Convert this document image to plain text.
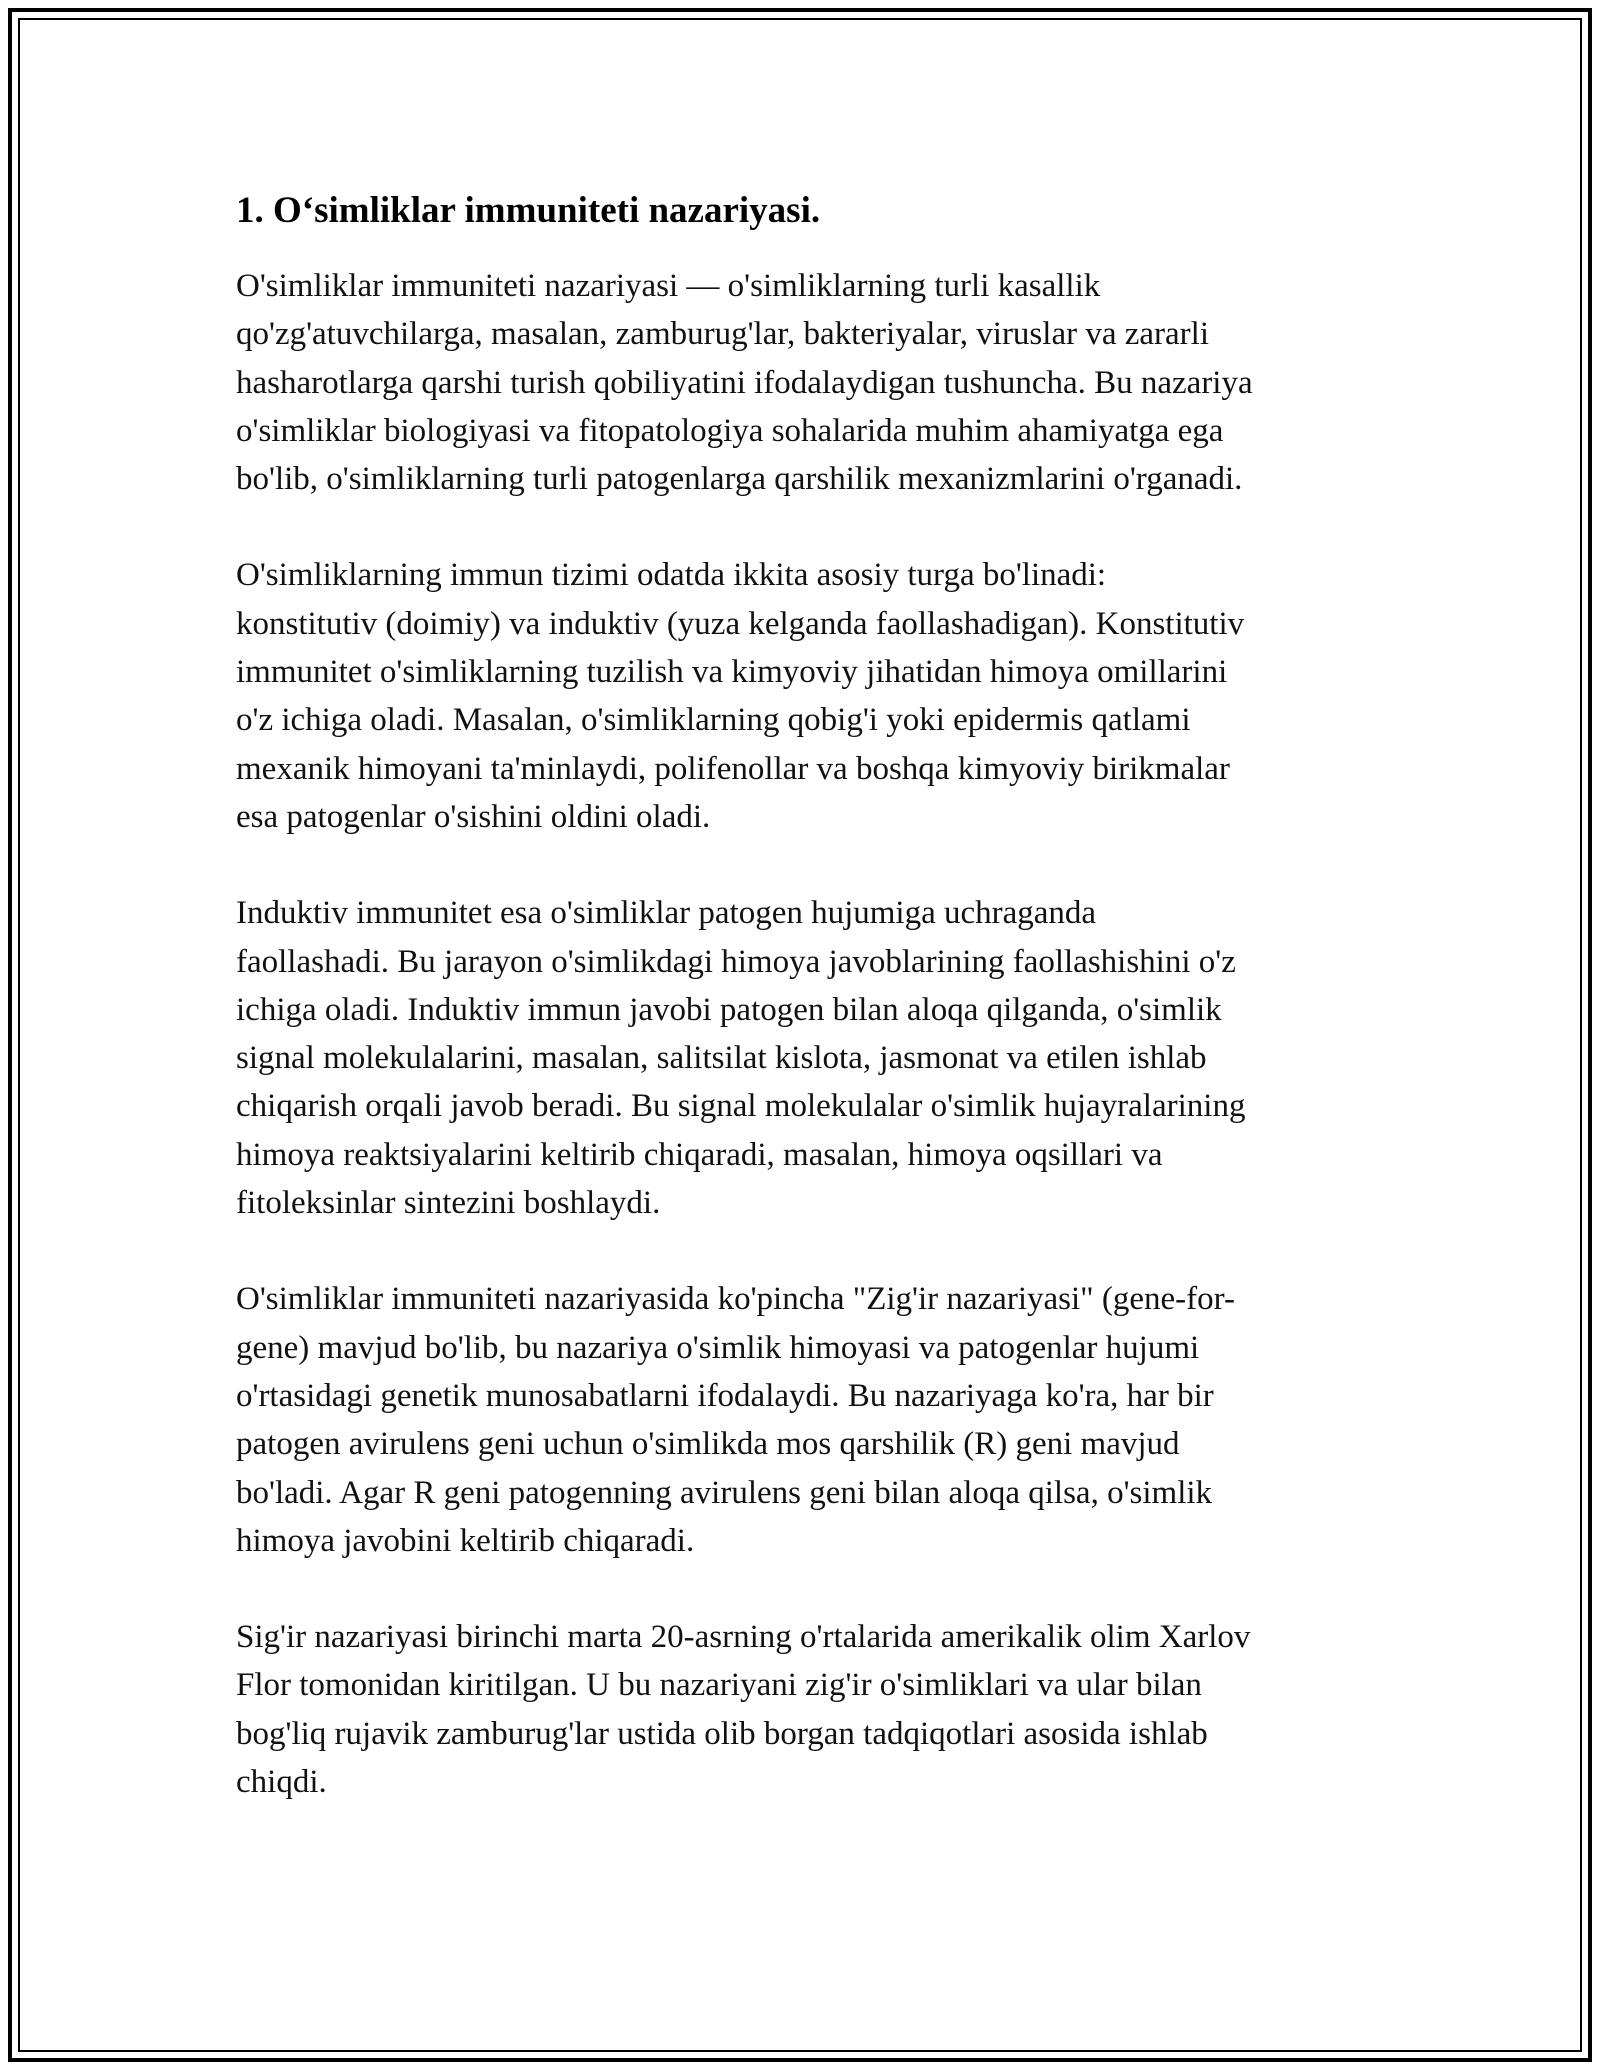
1. O‘simliklar immuniteti nazariyasi.

O'simliklar immuniteti nazariyasi — o'simliklarning turli kasallik
qo'zg'atuvchilarga, masalan, zamburug'lar, bakteriyalar, viruslar va zararli
hasharotlarga qarshi turish qobiliyatini ifodalaydigan tushuncha. Bu nazariya
o'simliklar biologiyasi va fitopatologiya sohalarida muhim ahamiyatga ega
bo'lib, o'simliklarning turli patogenlarga qarshilik mexanizmlarini o'rganadi.

O'simliklarning immun tizimi odatda ikkita asosiy turga bo'linadi:
konstitutiv (doimiy) va induktiv (yuza kelganda faollashadigan). Konstitutiv
immunitet o'simliklarning tuzilish va kimyoviy jihatidan himoya omillarini
o'z ichiga oladi. Masalan, o'simliklarning qobig'i yoki epidermis qatlami
mexanik himoyani ta'minlaydi, polifenollar va boshqa kimyoviy birikmalar
esa patogenlar o'sishini oldini oladi.

Induktiv immunitet esa o'simliklar patogen hujumiga uchraganda
faollashadi. Bu jarayon o'simlikdagi himoya javoblarining faollashishini o'z
ichiga oladi. Induktiv immun javobi patogen bilan aloqa qilganda, o'simlik
signal molekulalarini, masalan, salitsilat kislota, jasmonat va etilen ishlab
chiqarish orqali javob beradi. Bu signal molekulalar o'simlik hujayralarining
himoya reaktsiyalarini keltirib chiqaradi, masalan, himoya oqsillari va
fitoleksinlar sintezini boshlaydi.

O'simliklar immuniteti nazariyasida ko'pincha "Zig'ir nazariyasi" (gene-for-
gene) mavjud bo'lib, bu nazariya o'simlik himoyasi va patogenlar hujumi
o'rtasidagi genetik munosabatlarni ifodalaydi. Bu nazariyaga ko'ra, har bir
patogen avirulens geni uchun o'simlikda mos qarshilik (R) geni mavjud
bo'ladi. Agar R geni patogenning avirulens geni bilan aloqa qilsa, o'simlik
himoya javobini keltirib chiqaradi.

Sig'ir nazariyasi birinchi marta 20-asrning o'rtalarida amerikalik olim Xarlov
Flor tomonidan kiritilgan. U bu nazariyani zig'ir o'simliklari va ular bilan
bog'liq rujavik zamburug'lar ustida olib borgan tadqiqotlari asosida ishlab
chiqdi.
